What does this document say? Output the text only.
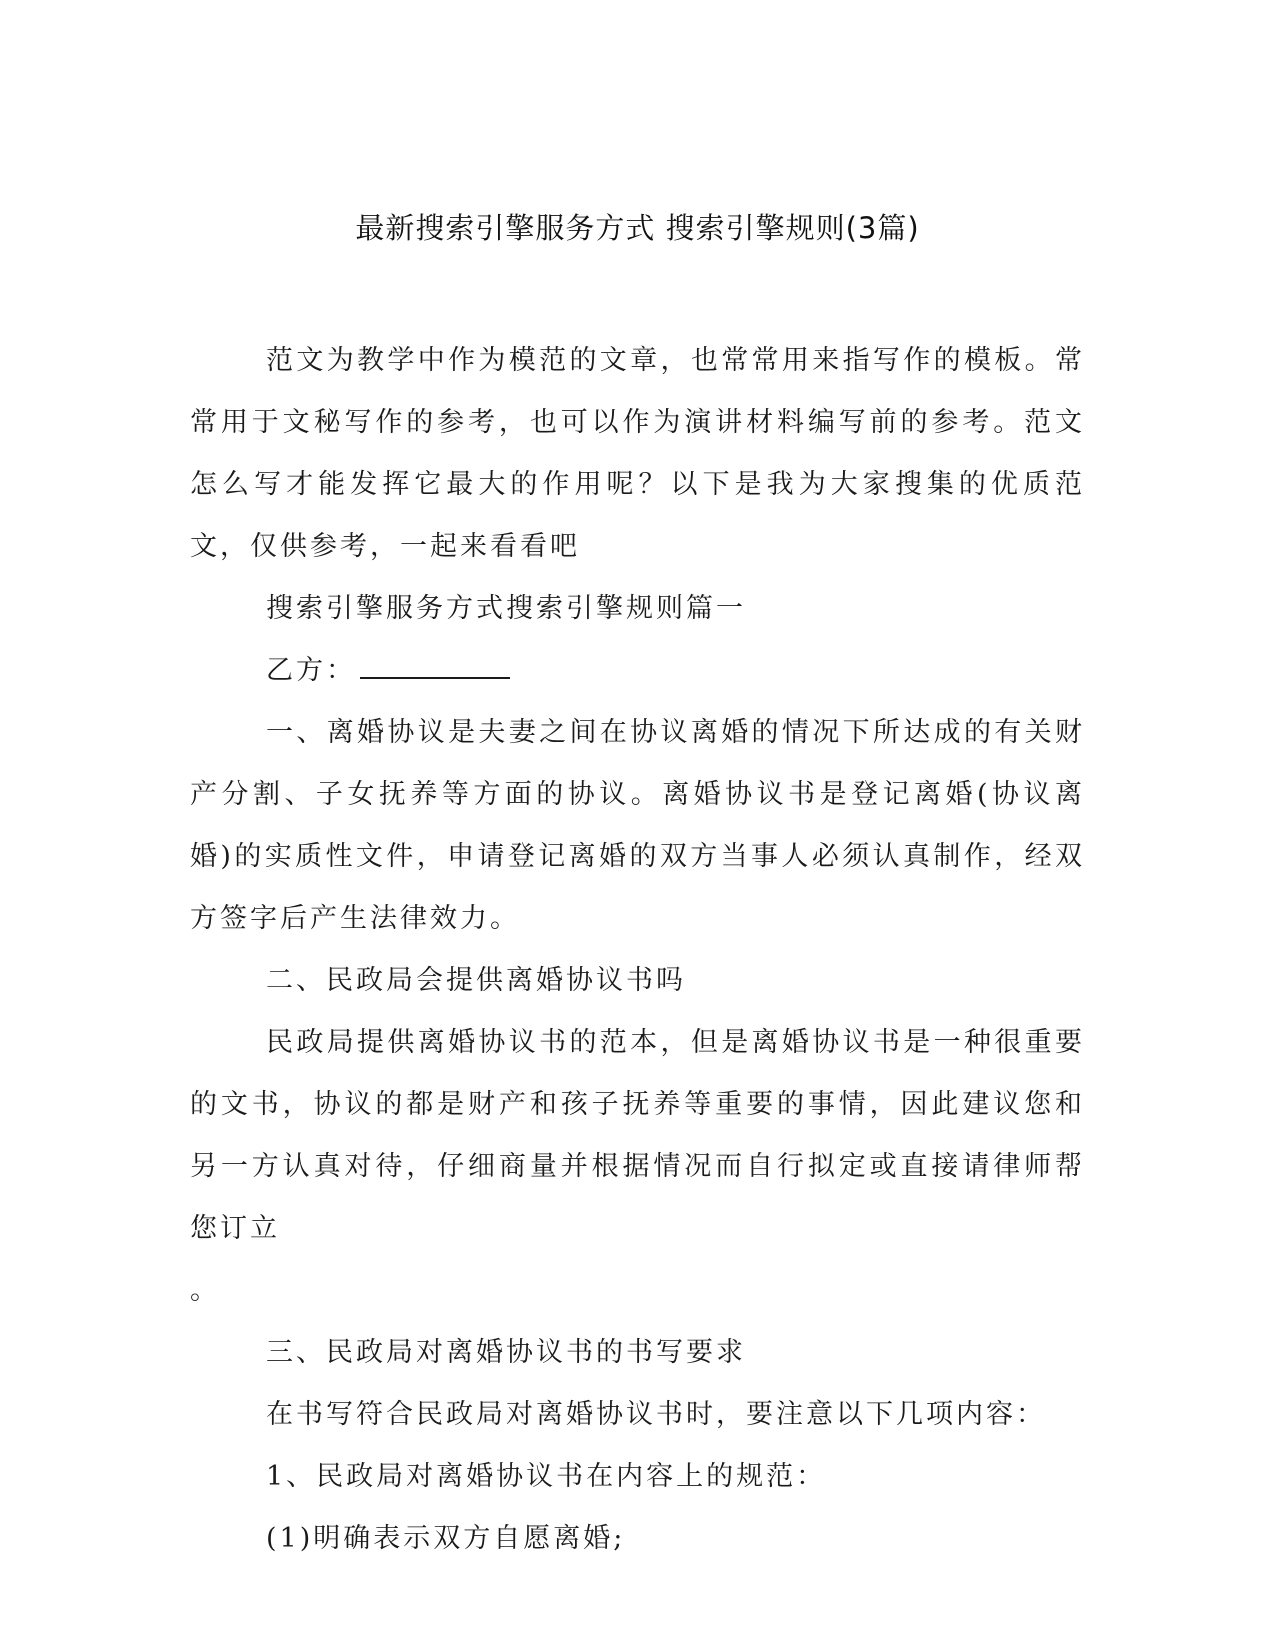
最新搜索引擎服务方式 搜索引擎规则(3篇)

范文为教学中作为模范的文章，也常常用来指写作的模板。常常用于文秘写作的参考，也可以作为演讲材料编写前的参考。范文怎么写才能发挥它最大的作用呢？以下是我为大家搜集的优质范文，仅供参考，一起来看看吧

搜索引擎服务方式搜索引擎规则篇一

乙方：

一、离婚协议是夫妻之间在协议离婚的情况下所达成的有关财产分割、子女抚养等方面的协议。离婚协议书是登记离婚(协议离婚)的实质性文件，申请登记离婚的双方当事人必须认真制作，经双方签字后产生法律效力。

二、民政局会提供离婚协议书吗

民政局提供离婚协议书的范本，但是离婚协议书是一种很重要的文书，协议的都是财产和孩子抚养等重要的事情，因此建议您和另一方认真对待，仔细商量并根据情况而自行拟定或直接请律师帮您订立

。

三、民政局对离婚协议书的书写要求

在书写符合民政局对离婚协议书时，要注意以下几项内容：

1、民政局对离婚协议书在内容上的规范：

(1)明确表示双方自愿离婚;
